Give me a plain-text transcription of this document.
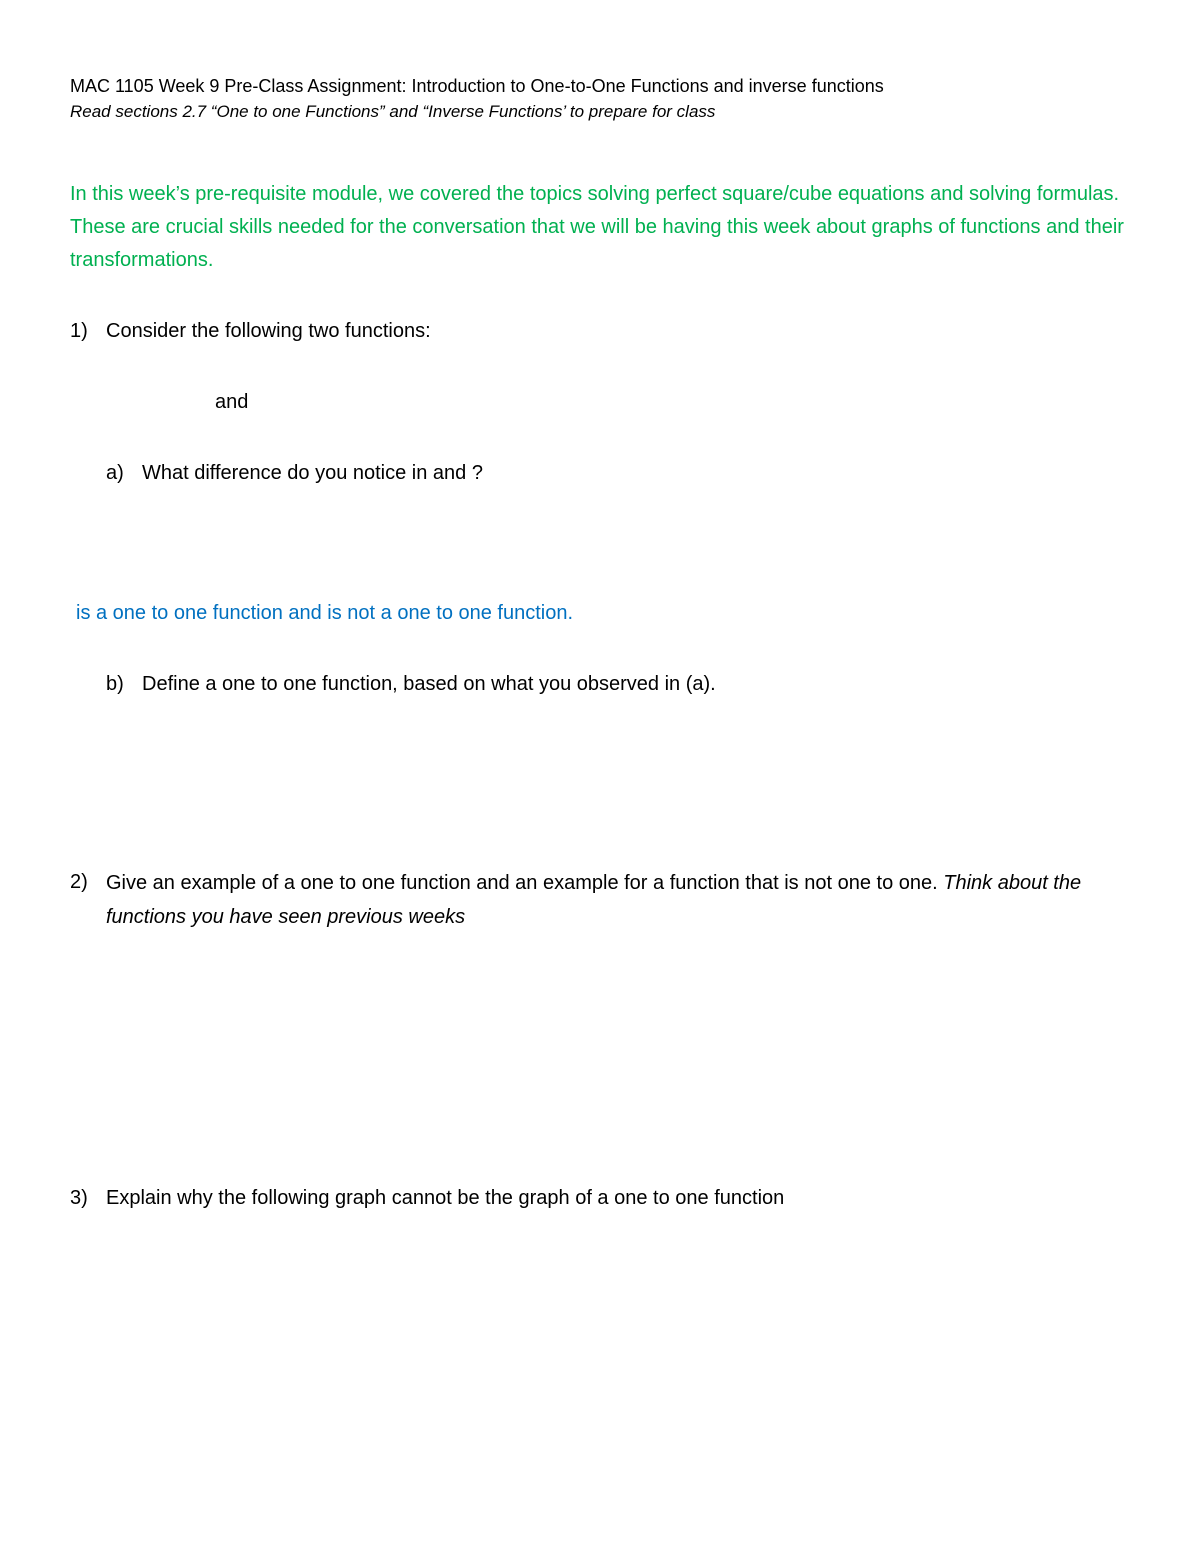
MAC 1105 Week 9 Pre-Class Assignment: Introduction to One-to-One Functions and inverse functions
Read sections 2.7 “One to one Functions” and “Inverse Functions’ to prepare for class
In this week’s pre-requisite module, we covered the topics solving perfect square/cube equations and solving formulas. These are crucial skills needed for the conversation that we will be having this week about graphs of functions and their transformations.
1) Consider the following two functions:
and
a) What difference do you notice in and ?
is a one to one function and is not a one to one function.
b) Define a one to one function, based on what you observed in (a).
2) Give an example of a one to one function and an example for a function that is not one to one. Think about the functions you have seen previous weeks
3) Explain why the following graph cannot be the graph of a one to one function
